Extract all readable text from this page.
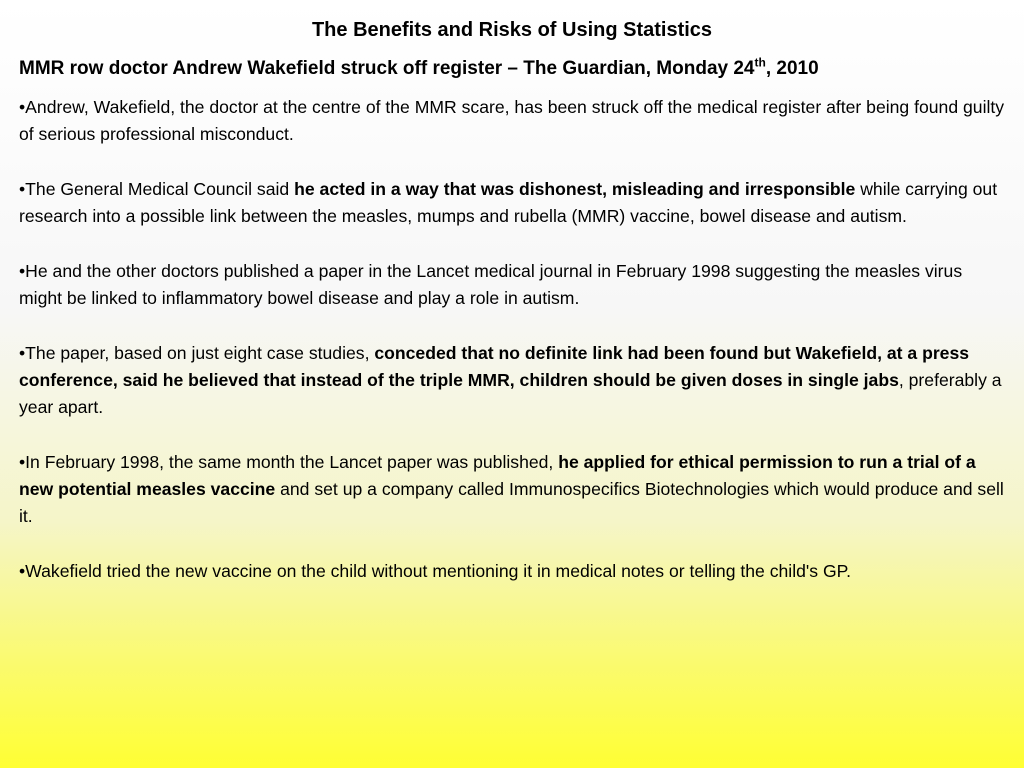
The Benefits and Risks of Using Statistics
MMR row doctor Andrew Wakefield struck off register – The Guardian, Monday 24th, 2010

•Andrew, Wakefield, the doctor at the centre of the MMR scare, has been struck off the medical register after being found guilty of serious professional misconduct.

•The General Medical Council said he acted in a way that was dishonest, misleading and irresponsible while carrying out research into a possible link between the measles, mumps and rubella (MMR) vaccine, bowel disease and autism.

•He and the other doctors published a paper in the Lancet medical journal in February 1998 suggesting the measles virus might be linked to inflammatory bowel disease and play a role in autism.

•The paper, based on just eight case studies, conceded that no definite link had been found but Wakefield, at a press conference, said he believed that instead of the triple MMR, children should be given doses in single jabs, preferably a year apart.

•In February 1998, the same month the Lancet paper was published, he applied for ethical permission to run a trial of a new potential measles vaccine and set up a company called Immunospecifics Biotechnologies which would produce and sell it.

•Wakefield tried the new vaccine on the child without mentioning it in medical notes or telling the child's GP.
